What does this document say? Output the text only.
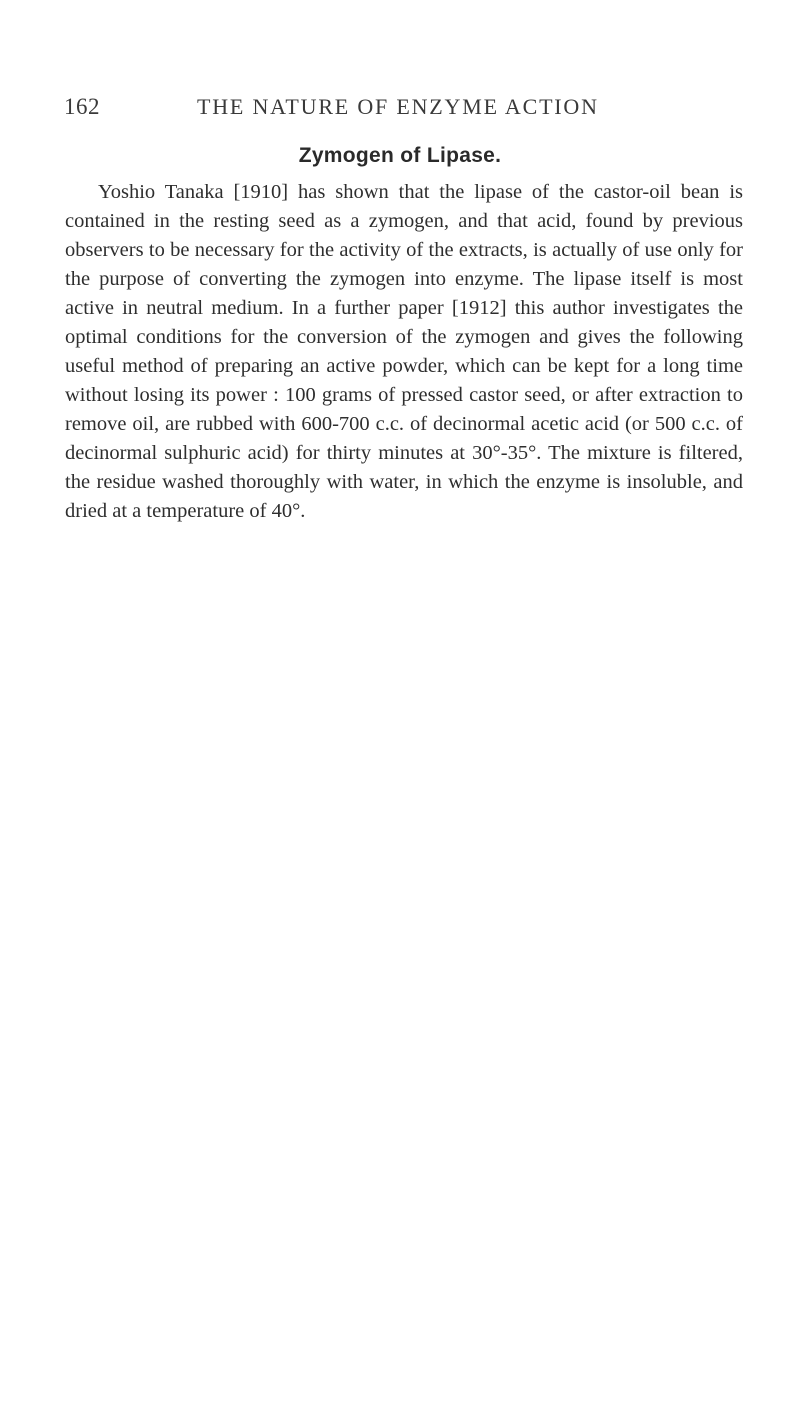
162	THE NATURE OF ENZYME ACTION
Zymogen of Lipase.

Yoshio Tanaka [1910] has shown that the lipase of the castor-oil bean is contained in the resting seed as a zymogen, and that acid, found by previous observers to be necessary for the activity of the extracts, is actually of use only for the purpose of converting the zymogen into enzyme. The lipase itself is most active in neutral medium. In a further paper [1912] this author investigates the optimal conditions for the conversion of the zymogen and gives the following useful method of preparing an active powder, which can be kept for a long time without losing its power : 100 grams of pressed castor seed, or after extraction to remove oil, are rubbed with 600-700 c.c. of decinormal acetic acid (or 500 c.c. of decinormal sulphuric acid) for thirty minutes at 30°-35°. The mixture is filtered, the residue washed thoroughly with water, in which the enzyme is insoluble, and dried at a temperature of 40°.
